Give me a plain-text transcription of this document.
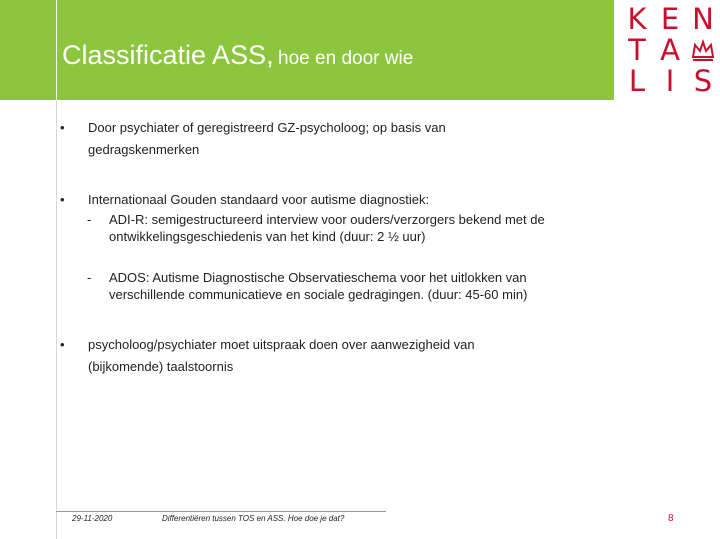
Classificatie ASS, hoe en door wie
K E N
T A
L I S
•	Door psychiater of geregistreerd GZ-psycholoog; op basis van
gedragskenmerken
•	Internationaal Gouden standaard voor autisme diagnostiek:
- ADI-R: semigestructureerd interview voor ouders/verzorgers bekend met de
ontwikkelingsgeschiedenis van het kind (duur: 2 ½ uur)
- ADOS: Autisme Diagnostische Observatieschema voor het uitlokken van
verschillende communicatieve en sociale gedragingen. (duur: 45-60 min)
•	psycholoog/psychiater moet uitspraak doen over aanwezigheid van
(bijkomende) taalstoornis
29-11-2020	Differentiëren tussen TOS en ASS. Hoe doe je dat?	8
